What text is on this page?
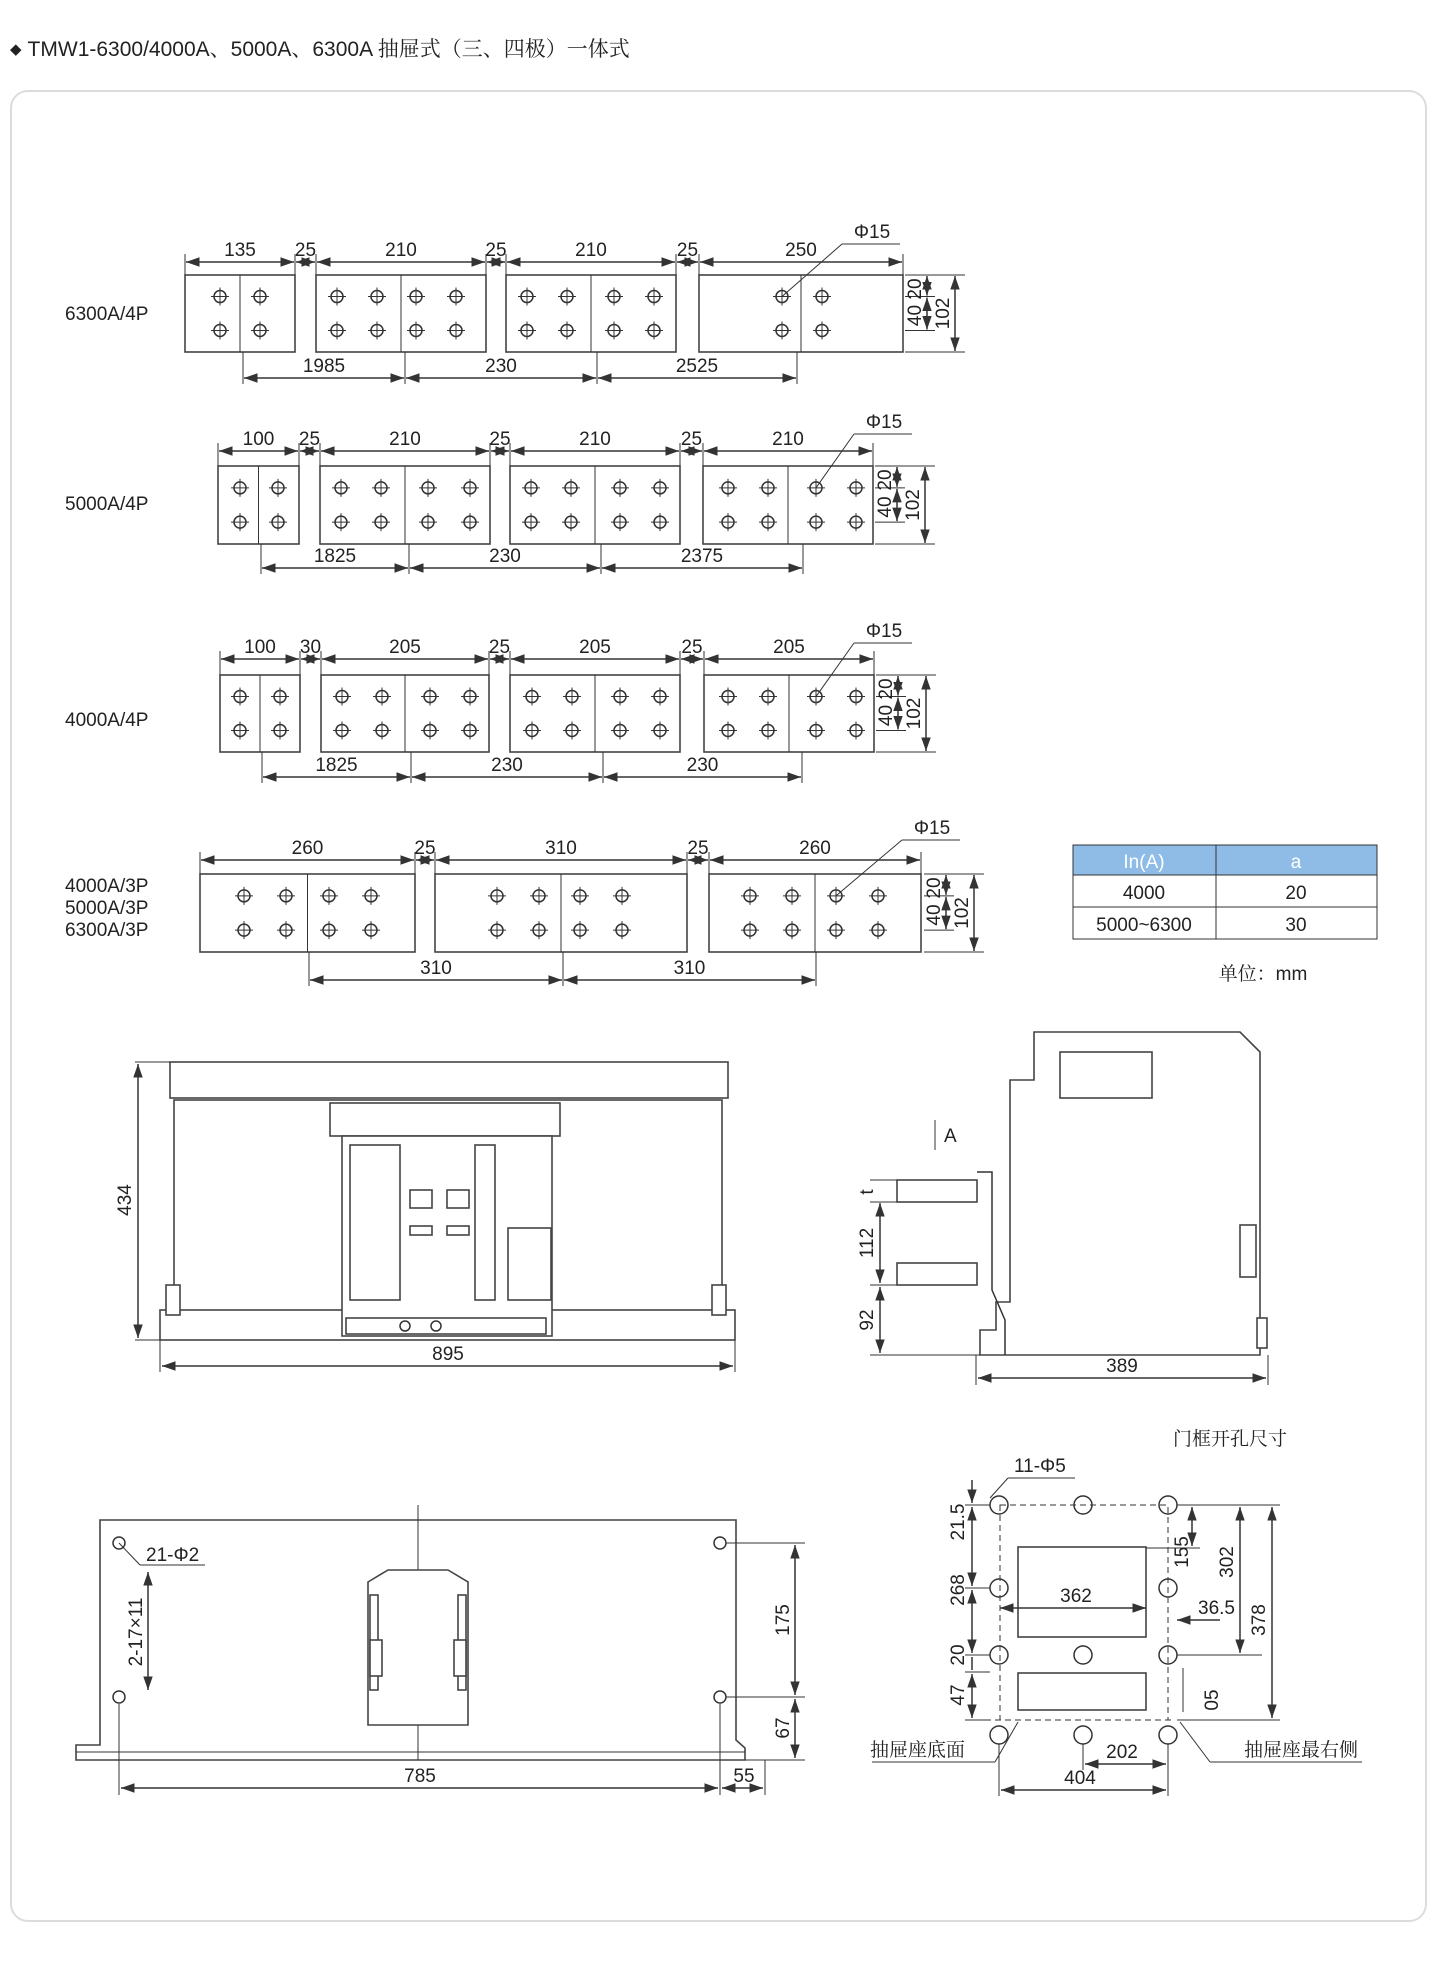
◆ TMW1-6300/4000A、5000A、6300A 抽屉式（三、四极）一体式
6300A/4P
135 25	210	25	210	25	250
1985	230	2525
Φ15
20
40 102
5000A/4P
100 25	210	25	210	25	210
1825	230	2375
Φ15
20
40 102
4000A/4P
100 30	205	25	205	25	205
1825	230	230
Φ15
20
40 102
4000A/3P
5000A/3P
6300A/3P
260	25	310	25	260
310	310
Φ15
20
40 102
In(A)	a
4000	20
5000~6300	30
单位：mm
434
895
A
t
112
92
389
21-Φ2
2-17×11	175
67
785	55
门框开孔尺寸
11-Φ5
21.5
268
20
47
155 302
378
36.5
05
362
202
404
抽屉座底面	抽屉座最右侧
